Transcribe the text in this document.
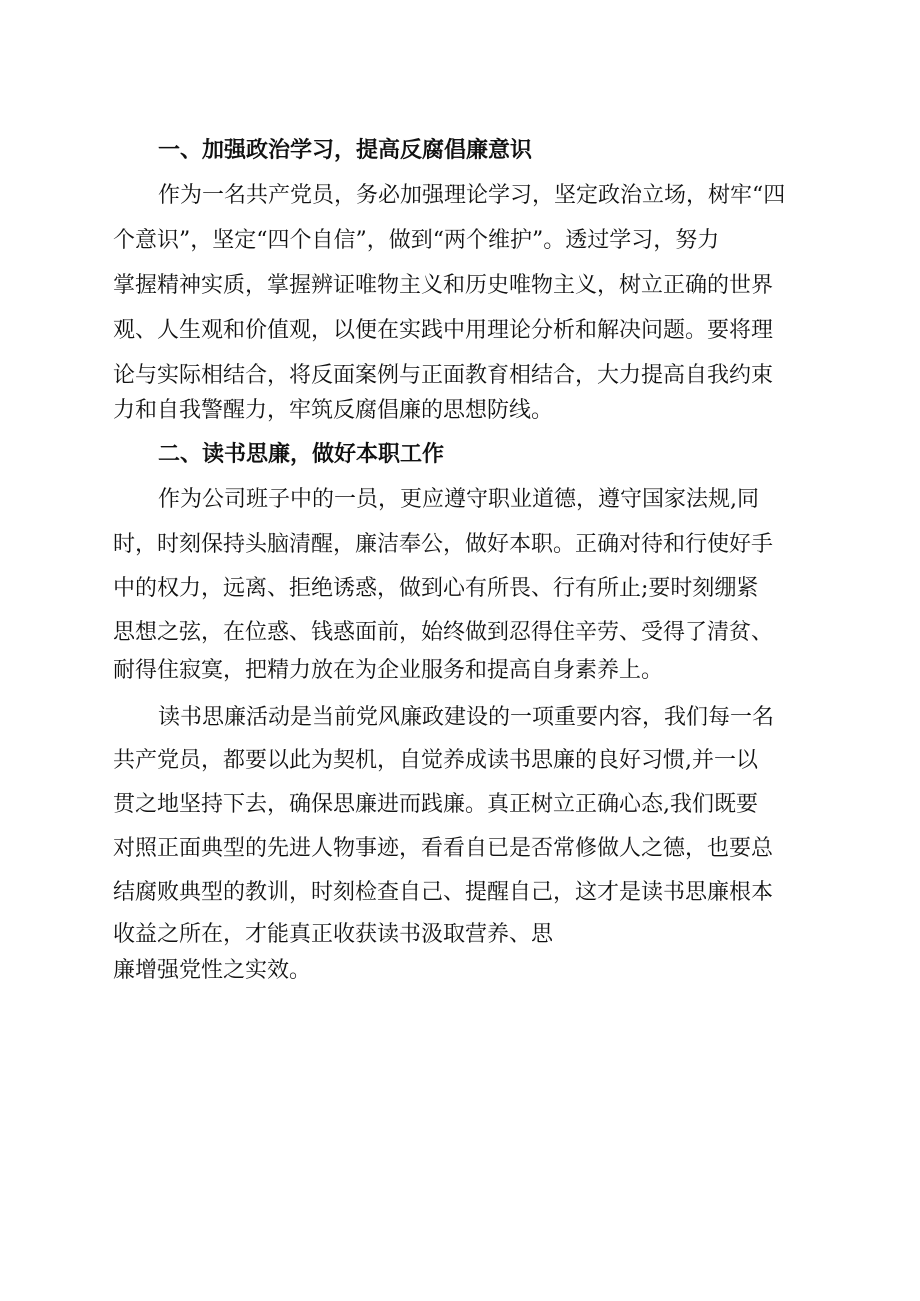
一、加强政治学习，提高反腐倡廉意识
作为一名共产党员，务必加强理论学习，坚定政治立场，树牢“四
个意识”，坚定“四个自信”，做到“两个维护”。透过学习，努力
掌握精神实质，掌握辨证唯物主义和历史唯物主义，树立正确的世界
观、人生观和价值观，以便在实践中用理论分析和解决问题。要将理
论与实际相结合，将反面案例与正面教育相结合，大力提高自我约束
力和自我警醒力，牢筑反腐倡廉的思想防线。
二、读书思廉，做好本职工作
作为公司班子中的一员，更应遵守职业道德，遵守国家法规,同
时，时刻保持头脑清醒，廉洁奉公，做好本职。正确对待和行使好手
中的权力，远离、拒绝诱惑，做到心有所畏、行有所止;要时刻绷紧
思想之弦，在位惑、钱惑面前，始终做到忍得住辛劳、受得了清贫、
耐得住寂寞，把精力放在为企业服务和提高自身素养上。
读书思廉活动是当前党风廉政建设的一项重要内容，我们每一名
共产党员，都要以此为契机，自觉养成读书思廉的良好习惯,并一以
贯之地坚持下去，确保思廉进而践廉。真正树立正确心态,我们既要
对照正面典型的先进人物事迹，看看自已是否常修做人之德，也要总
结腐败典型的教训，时刻检查自己、提醒自己，这才是读书思廉根本
收益之所在，才能真正收获读书汲取营养、思
廉增强党性之实效。
